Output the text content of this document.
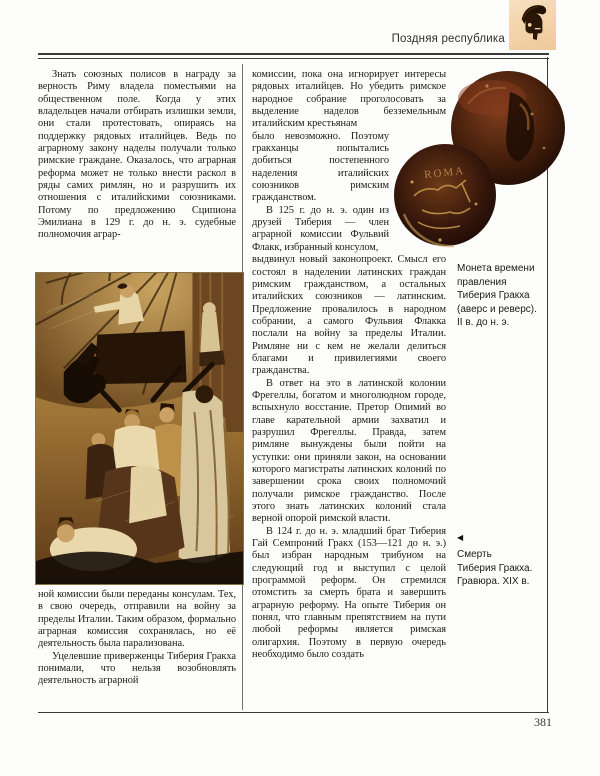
Поздняя республика

Знать союзных полисов в награду за верность Риму владела поместьями на общественном поле. Когда у этих владельцев начали отбирать излишки земли, они стали протестовать, опираясь на поддержку рядовых италийцев. Ведь по аграрному закону наделы получали только римские граждане. Оказалось, что аграрная реформа может не только внести раскол в ряды самих римлян, но и разрушить их отношения с италийскими союзниками. Потому по предложению Сципиона Эмилиана в 129 г. до н. э. судебные полномочия аграр-

ной комиссии были переданы консулам. Тех, в свою очередь, отправили на войну за пределы Италии. Таким образом, формально аграрная комиссия сохранялась, но её деятельность была парализована.

Уцелевшие приверженцы Тиберия Гракха понимали, что нельзя возобновлять деятельность аграрной

комиссии, пока она игнорирует интересы рядовых италийцев. Но убедить римское народное собрание проголосовать за выделение наделов безземельным италийским крестьянам

было невозможно. Поэтому гракханцы попытались добиться постепенного наделения италийских союзников римским гражданством.

В 125 г. до н. э. один из друзей Тиберия — член аграрной комиссии Фульвий Флакк, избранный консулом,

выдвинул новый законопроект. Смысл его состоял в наделении латинских граждан римским гражданством, а остальных италийских союзников — латинским. Предложение провалилось в народном собрании, а самого Фульвия Флакка послали на войну за пределы Италии. Римляне ни с кем не желали делиться благами и привилегиями своего гражданства.

В ответ на это в латинской колонии Фрегеллы, богатом и многолюдном городе, вспыхнуло восстание. Претор Опимий во главе карательной армии захватил и разрушил Фрегеллы. Правда, затем римляне вынуждены были пойти на уступки: они приняли закон, на основании которого магистраты латинских колоний по завершении срока своих полномочий получали римское гражданство. После этого знать латинских колоний стала верной опорой римской власти.

В 124 г. до н. э. младший брат Тиберия Гай Семпроний Гракх (153—121 до н. э.) был избран народным трибуном на следующий год и выступил с целой программой реформ. Он стремился отомстить за смерть брата и завершить аграрную реформу. На опыте Тиберия он понял, что главным препятствием на пути любой реформы является римская олигархия. Поэтому в первую очередь необходимо было создать

ROMA
Монета времени
правления
Тиберия Гракха
(аверс и реверс).
II в. до н. э.
◀
Смерть
Тиберия Гракха.
Гравюра. XIX в.
381
